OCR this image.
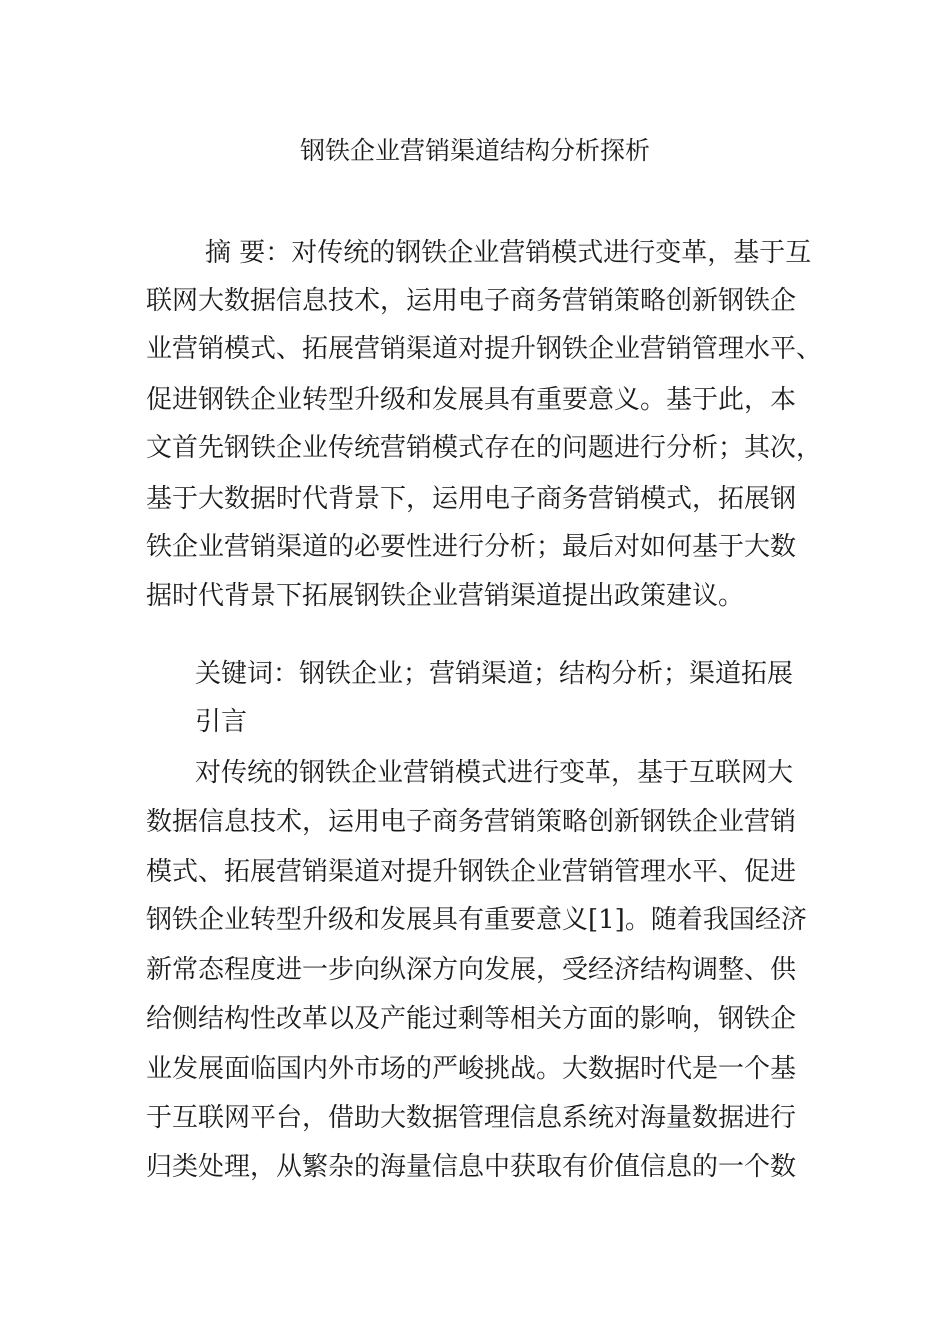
钢铁企业营销渠道结构分析探析
摘 要：对传统的钢铁企业营销模式进行变革，基于互
联网大数据信息技术，运用电子商务营销策略创新钢铁企
业营销模式、拓展营销渠道对提升钢铁企业营销管理水平、
促进钢铁企业转型升级和发展具有重要意义。基于此，本
文首先钢铁企业传统营销模式存在的问题进行分析；其次，
基于大数据时代背景下，运用电子商务营销模式，拓展钢
铁企业营销渠道的必要性进行分析；最后对如何基于大数
据时代背景下拓展钢铁企业营销渠道提出政策建议。
关键词：钢铁企业；营销渠道；结构分析；渠道拓展
引言
对传统的钢铁企业营销模式进行变革，基于互联网大
数据信息技术，运用电子商务营销策略创新钢铁企业营销
模式、拓展营销渠道对提升钢铁企业营销管理水平、促进
钢铁企业转型升级和发展具有重要意义[1]。随着我国经济
新常态程度进一步向纵深方向发展，受经济结构调整、供
给侧结构性改革以及产能过剩等相关方面的影响，钢铁企
业发展面临国内外市场的严峻挑战。大数据时代是一个基
于互联网平台，借助大数据管理信息系统对海量数据进行
归类处理，从繁杂的海量信息中获取有价值信息的一个数
